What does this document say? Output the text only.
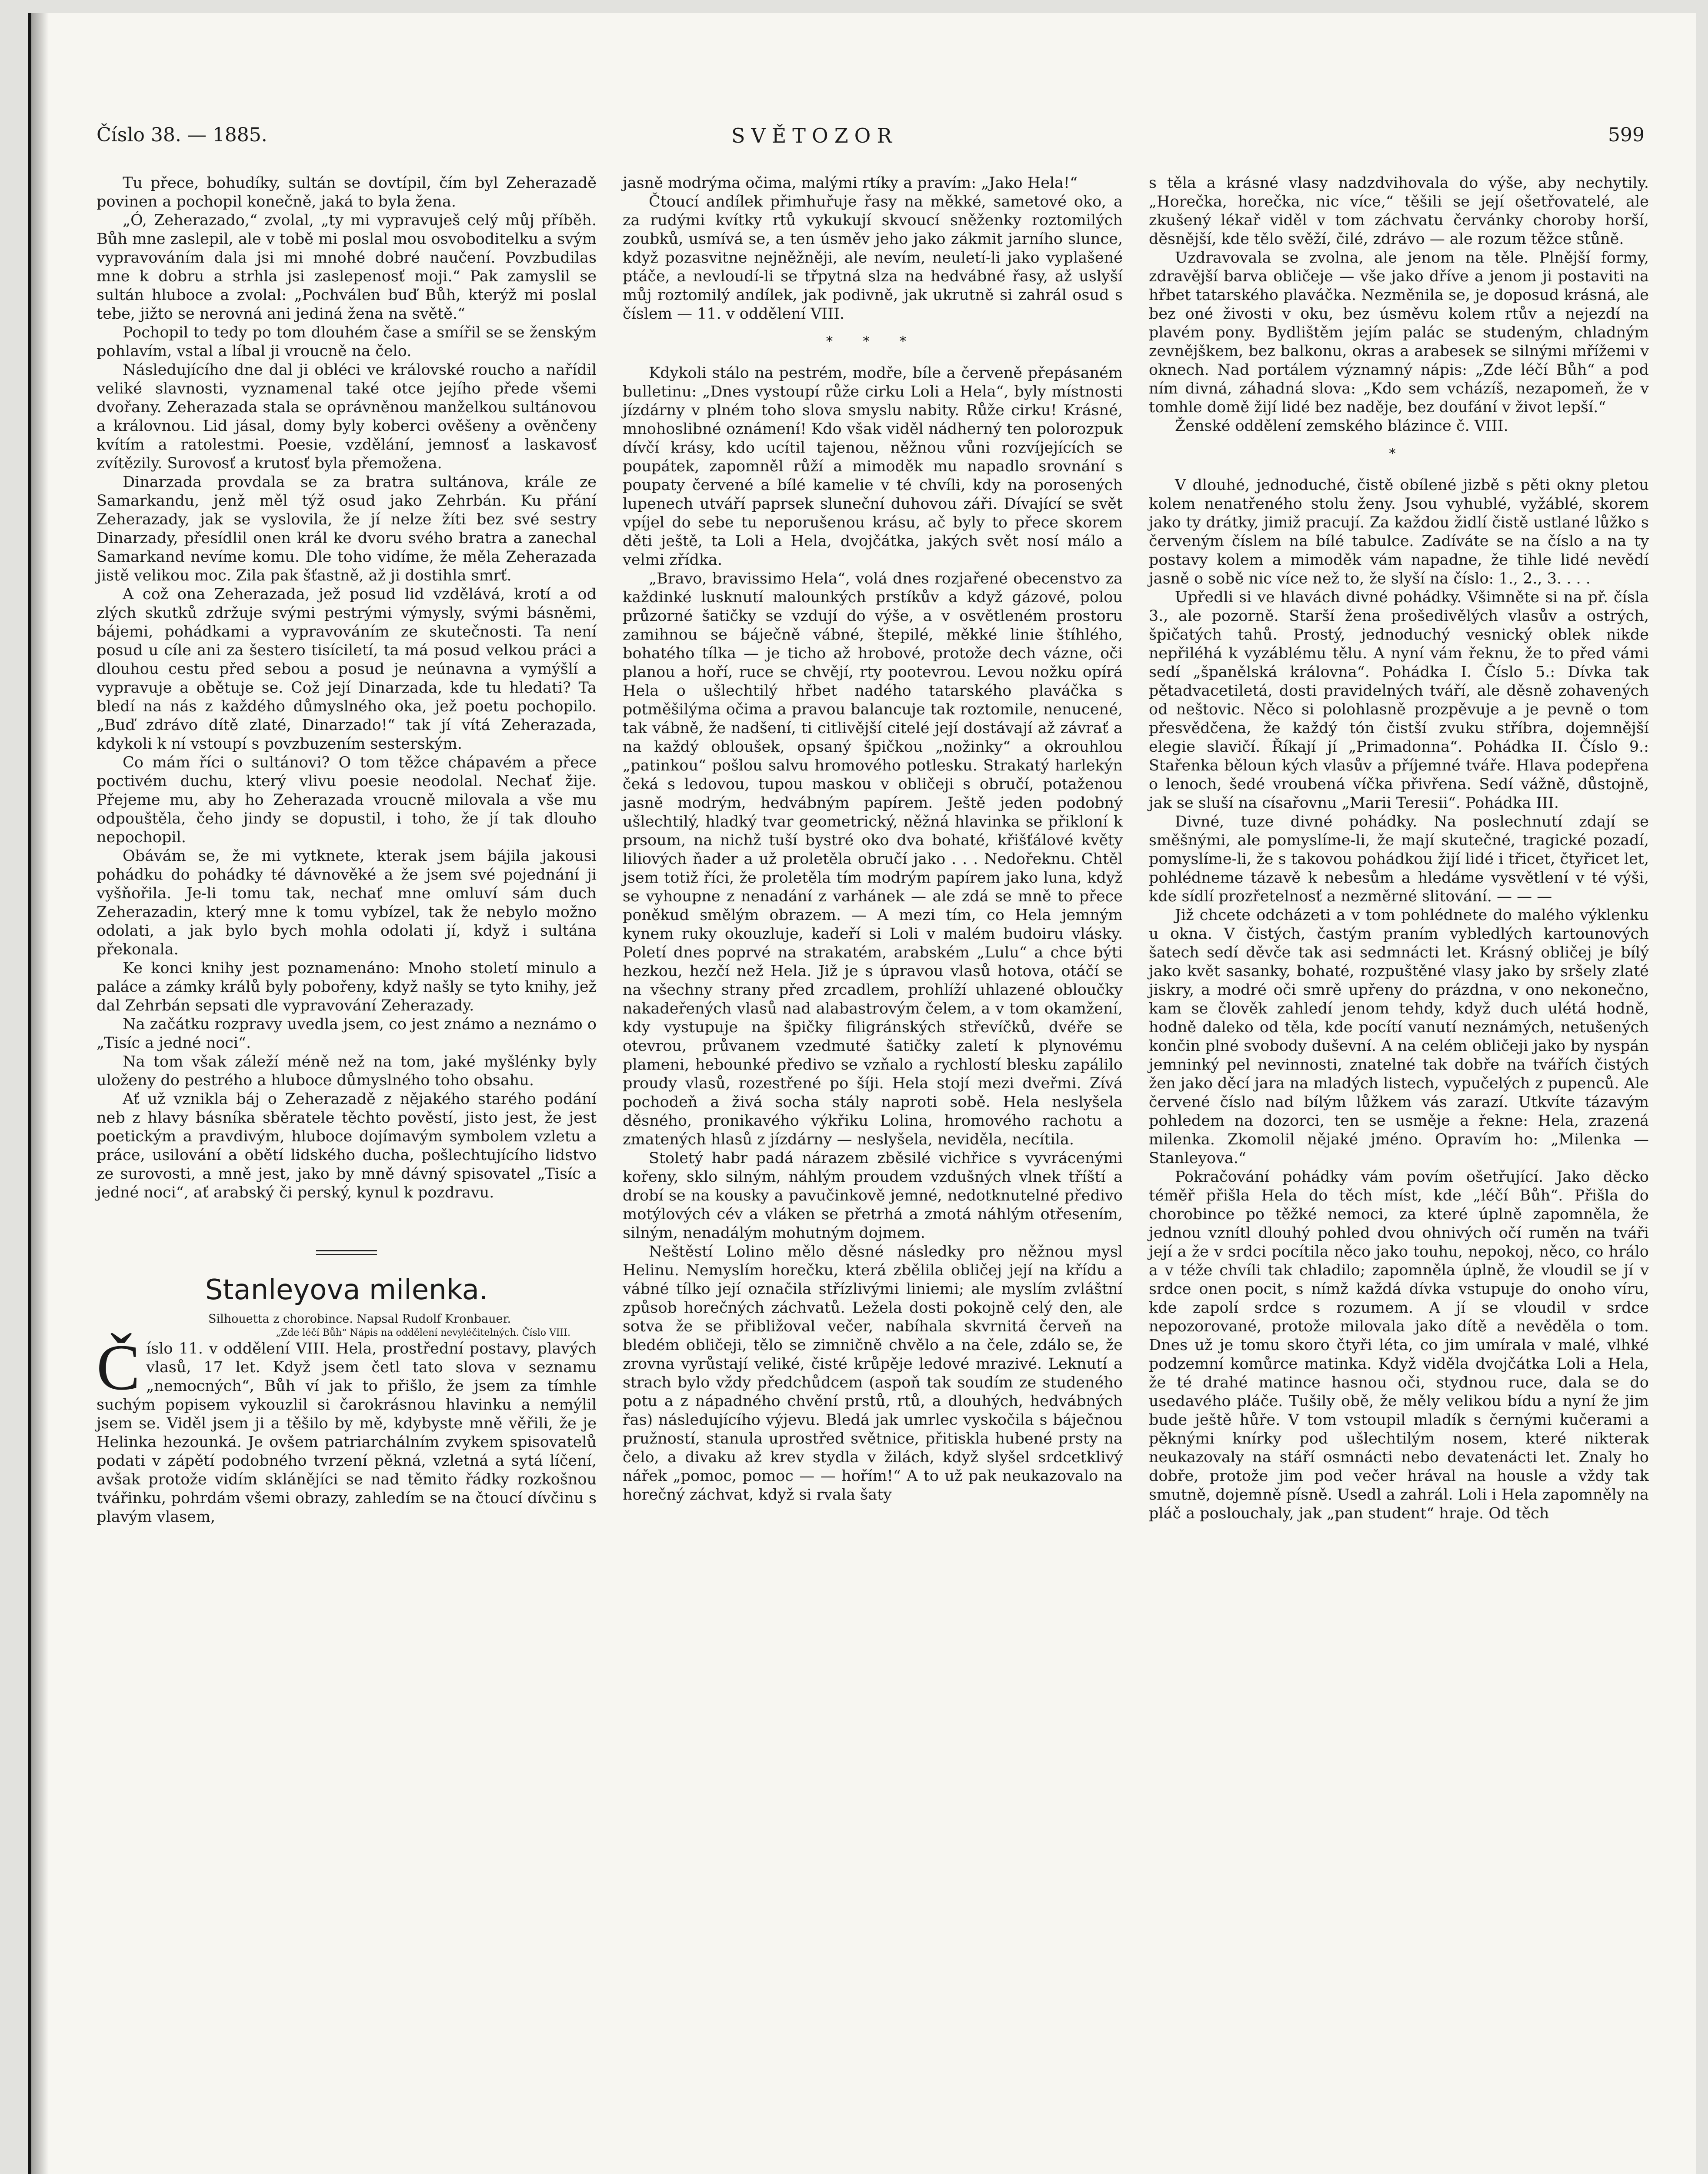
Číslo 38. — 1885.	SVĚTOZOR	599

Tu přece, bohudíky, sultán se dovtípil, čím byl Zeherazadě povinen a pochopil konečně, jaká to byla žena.

„Ó, Zeherazado,“ zvolal, „ty mi vypravuješ celý můj příběh. Bůh mne zaslepil, ale v tobě mi poslal mou osvoboditelku a svým vypravováním dala jsi mi mnohé dobré naučení. Povzbudilas mne k dobru a strhla jsi zaslepenosť moji.“ Pak zamyslil se sultán hluboce a zvolal: „Pochválen buď Bůh, kterýž mi poslal tebe, jižto se nerovná ani jediná žena na světě.“

Pochopil to tedy po tom dlouhém čase a smířil se se ženským pohlavím, vstal a líbal ji vroucně na čelo.

Následujícího dne dal ji obléci ve královské roucho a nařídil veliké slavnosti, vyznamenal také otce jejího přede všemi dvořany. Zeherazada stala se oprávněnou manželkou sultánovou a královnou. Lid jásal, domy byly koberci ověšeny a ověnčeny kvítím a ratolestmi. Poesie, vzdělání, jemnosť a laskavosť zvítězily. Surovosť a krutosť byla přemožena.

Dinarzada provdala se za bratra sultánova, krále ze Samarkandu, jenž měl týž osud jako Zehrbán. Ku přání Zeherazady, jak se vyslovila, že jí nelze žíti bez své sestry Dinarzady, přesídlil onen král ke dvoru svého bratra a zanechal Samarkand nevíme komu. Dle toho vidíme, že měla Zeherazada jistě velikou moc. Zila pak šťastně, až ji dostihla smrť.

A což ona Zeherazada, jež posud lid vzdělává, krotí a od zlých skutků zdržuje svými pestrými výmysly, svými básněmi, bájemi, pohádkami a vypravováním ze skutečnosti. Ta není posud u cíle ani za šestero tisíciletí, ta má posud velkou práci a dlouhou cestu před sebou a posud je neúnavna a vymýšlí a vypravuje a obětuje se. Což její Dinarzada, kde tu hledati? Ta bledí na nás z každého důmyslného oka, jež poetu pochopilo. „Buď zdrávo dítě zlaté, Dinarzado!“ tak jí vítá Zeherazada, kdykoli k ní vstoupí s povzbuzením sesterským.

Co mám říci o sultánovi? O tom těžce chápavém a přece poctivém duchu, který vlivu poesie neodolal. Nechať žije. Přejeme mu, aby ho Zeherazada vroucně milovala a vše mu odpouštěla, čeho jindy se dopustil, i toho, že jí tak dlouho nepochopil.

Obávám se, že mi vytknete, kterak jsem bájila jakousi pohádku do pohádky té dávnověké a že jsem své pojednání ji vyšňořila. Je-li tomu tak, nechať mne omluví sám duch Zeherazadin, který mne k tomu vybízel, tak že nebylo možno odolati, a jak bylo bych mohla odolati jí, když i sultána překonala.

Ke konci knihy jest poznamenáno: Mnoho století minulo a paláce a zámky králů byly pobořeny, když našly se tyto knihy, jež dal Zehrbán sepsati dle vypravování Zeherazady.

Na začátku rozpravy uvedla jsem, co jest známo a neznámo o „Tisíc a jedné noci“.

Na tom však záleží méně než na tom, jaké myšlénky byly uloženy do pestrého a hluboce důmyslného toho obsahu.

Ať už vznikla báj o Zeherazadě z nějakého starého podání neb z hlavy básníka sběratele těchto pověstí, jisto jest, že jest poetickým a pravdivým, hluboce dojímavým symbolem vzletu a práce, usilování a obětí lidského ducha, pošlechtujícího lidstvo ze surovosti, a mně jest, jako by mně dávný spisovatel „Tisíc a jedné noci“, ať arabský či perský, kynul k pozdravu.

Stanleyova milenka.

Silhouetta z chorobince. Napsal Rudolf Kronbauer.

„Zde léčí Bůh“ Nápis na oddělení nevyléčitelných. Číslo VIII.

Číslo 11. v oddělení VIII. Hela, prostřední postavy, plavých vlasů, 17 let. Když jsem četl tato slova v seznamu „nemocných“, Bůh ví jak to přišlo, že jsem za tímhle suchým popisem vykouzlil si čarokrásnou hlavinku a nemýlil jsem se. Viděl jsem ji a těšilo by mě, kdybyste mně věřili, že je Helinka hezounká. Je ovšem patriarchálním zvykem spisovatelů podati v zápětí podobného tvrzení pěkná, vzletná a sytá líčení, avšak protože vidím sklánějíci se nad těmito řádky rozkošnou tvářinku, pohrdám všemi obrazy, zahledím se na čtoucí dívčinu s plavým vlasem,

jasně modrýma očima, malými rtíky a pravím: „Jako Hela!“

Čtoucí andílek přimhuřuje řasy na měkké, sametové oko, a za rudými kvítky rtů vykukují skvoucí sněženky roztomilých zoubků, usmívá se, a ten úsměv jeho jako zákmit jarního slunce, když pozasvitne nejněžněji, ale nevím, neuletí-li jako vyplašené ptáče, a nevloudí-li se třpytná slza na hedvábné řasy, až uslyší můj roztomilý andílek, jak podivně, jak ukrutně si zahrál osud s číslem — 11. v oddělení VIII.

* * *

Kdykoli stálo na pestrém, modře, bíle a červeně přepásaném bulletinu: „Dnes vystoupí růže cirku Loli a Hela“, byly místnosti jízdárny v plném toho slova smyslu nabity. Růže cirku! Krásné, mnohoslibné oznámení! Kdo však viděl nádherný ten polorozpuk dívčí krásy, kdo ucítil tajenou, něžnou vůni rozvíjejících se poupátek, zapomněl růží a mimoděk mu napadlo srovnání s poupaty červené a bílé kamelie v té chvíli, kdy na porosených lupenech utváří paprsek sluneční duhovou záři. Dívající se svět vpíjel do sebe tu neporušenou krásu, ač byly to přece skorem děti ještě, ta Loli a Hela, dvojčátka, jakých svět nosí málo a velmi zřídka.

„Bravo, bravissimo Hela“, volá dnes rozjařené obecenstvo za každinké lusknutí malounkých prstíkův a když gázové, polou průzorné šatičky se vzdují do výše, a v osvětleném prostoru zamihnou se báječně vábné, štepilé, měkké linie štíhlého, bohatého tílka — je ticho až hrobové, protože dech vázne, oči planou a hoří, ruce se chvějí, rty pootevrou. Levou nožku opírá Hela o ušlechtilý hřbet nadého tatarského plaváčka s potměšilýma očima a pravou balancuje tak roztomile, nenucené, tak vábně, že nadšení, ti citlivější citelé její dostávají až závrať a na každý obloušek, opsaný špičkou „nožinky“ a okrouhlou „patinkou“ pošlou salvu hromového potlesku. Strakatý harlekýn čeká s ledovou, tupou maskou v obličeji s obručí, potaženou jasně modrým, hedvábným papírem. Ještě jeden podobný ušlechtilý, hladký tvar geometrický, něžná hlavinka se přikloní k prsoum, na nichž tuší bystré oko dva bohaté, křišťálové květy liliových ňader a už proletěla obručí jako . . . Nedořeknu. Chtěl jsem totiž říci, že proletěla tím modrým papírem jako luna, když se vyhoupne z nenadání z varhánek — ale zdá se mně to přece poněkud smělým obrazem. — A mezi tím, co Hela jemným kynem ruky okouzluje, kadeří si Loli v malém budoiru vlásky. Poletí dnes poprvé na strakatém, arabském „Lulu“ a chce býti hezkou, hezčí než Hela. Již je s úpravou vlasů hotova, otáčí se na všechny strany před zrcadlem, prohlíží uhlazené obloučky nakadeřených vlasů nad alabastrovým čelem, a v tom okamžení, kdy vystupuje na špičky filigránských střevíčků, dvéře se otevrou, průvanem vzedmuté šatičky zaletí k plynovému plameni, hebounké předivo se vzňalo a rychlostí blesku zapálilo proudy vlasů, rozestřené po šíji. Hela stojí mezi dveřmi. Zívá pochodeň a živá socha stály naproti sobě. Hela neslyšela děsného, pronikavého výkřiku Lolina, hromového rachotu a zmatených hlasů z jízdárny — neslyšela, neviděla, necítila.

Stoletý habr padá nárazem zběsilé vichřice s vyvrácenými kořeny, sklo silným, náhlým proudem vzdušných vlnek tříští a drobí se na kousky a pavučinkově jemné, nedotknutelné předivo motýlových cév a vláken se přetrhá a zmotá náhlým otřesením, silným, nenadálým mohutným dojmem.

Neštěstí Lolino mělo děsné následky pro něžnou mysl Helinu. Nemyslím horečku, která zbělila obličej její na křídu a vábné tílko její označila střízlivými liniemi; ale myslím zvláštní způsob horečných záchvatů. Ležela dosti pokojně celý den, ale sotva že se přibližoval večer, nabíhala skvrnitá červeň na bledém obličeji, tělo se zimničně chvělo a na čele, zdálo se, že zrovna vyrůstají veliké, čisté krůpěje ledové mrazivé. Leknutí a strach bylo vždy předchůdcem (aspoň tak soudím ze studeného potu a z nápadného chvění prstů, rtů, a dlouhých, hedvábných řas) následujícího výjevu. Bledá jak umrlec vyskočila s báječnou pružností, stanula uprostřed světnice, přitiskla hubené prsty na čelo, a divaku až krev stydla v žilách, když slyšel srdcetklivý nářek „pomoc, pomoc — — hořím!“ A to už pak neukazovalo na horečný záchvat, když si rvala šaty

s těla a krásné vlasy nadzdvihovala do výše, aby nechytily. „Horečka, horečka, nic více,“ těšili se její ošetřovatelé, ale zkušený lékař viděl v tom záchvatu červánky choroby horší, děsnější, kde tělo svěží, čilé, zdrávo — ale rozum těžce stůně.

Uzdravovala se zvolna, ale jenom na těle. Plnější formy, zdravější barva obličeje — vše jako dříve a jenom ji postaviti na hřbet tatarského plaváčka. Nezměnila se, je doposud krásná, ale bez oné živosti v oku, bez úsměvu kolem rtův a nejezdí na plavém pony. Bydlištěm jejím palác se studeným, chladným zevnějškem, bez balkonu, okras a arabesek se silnými mřížemi v oknech. Nad portálem významný nápis: „Zde léčí Bůh“ a pod ním divná, záhadná slova: „Kdo sem vcházíš, nezapomeň, že v tomhle domě žijí lidé bez naděje, bez doufání v život lepší.“

Ženské oddělení zemského blázince č. VIII.

*

V dlouhé, jednoduché, čistě obílené jizbě s pěti okny pletou kolem nenatřeného stolu ženy. Jsou vyhublé, vyžáblé, skorem jako ty drátky, jimiž pracují. Za každou židlí čistě ustlané lůžko s červeným číslem na bílé tabulce. Zadíváte se na číslo a na ty postavy kolem a mimoděk vám napadne, že tihle lidé nevědí jasně o sobě nic více než to, že slyší na číslo: 1., 2., 3. . . .

Upředli si ve hlavách divné pohádky. Všimněte si na př. čísla 3., ale pozorně. Starší žena prošedivělých vlasův a ostrých, špičatých tahů. Prostý, jednoduchý vesnický oblek nikde nepřiléhá k vyzáblému tělu. A nyní vám řeknu, že to před vámi sedí „španělská královna“. Pohádka I. Číslo 5.: Dívka tak pětadvacetiletá, dosti pravidelných tváří, ale děsně zohavených od neštovic. Něco si polohlasně prozpěvuje a je pevně o tom přesvědčena, že každý tón čistší zvuku stříbra, dojemnější elegie slavičí. Říkají jí „Primadonna“. Pohádka II. Číslo 9.: Stařenka běloun kých vlasův a příjemné tváře. Hlava podepřena o lenoch, šedé vroubená víčka přivřena. Sedí vážně, důstojně, jak se sluší na císařovnu „Marii Teresii“. Pohádka III.

Divné, tuze divné pohádky. Na poslechnutí zdají se směšnými, ale pomyslíme-li, že mají skutečné, tragické pozadí, pomyslíme-li, že s takovou pohádkou žijí lidé i třicet, čtyřicet let, pohlédneme tázavě k nebesům a hledáme vysvětlení v té výši, kde sídlí prozřetelnosť a nezměrné slitování. — — —

Již chcete odcházeti a v tom pohlédnete do malého výklenku u okna. V čistých, častým praním vybledlých kartounových šatech sedí děvče tak asi sedmnácti let. Krásný obličej je bílý jako květ sasanky, bohaté, rozpuštěné vlasy jako by sršely zlaté jiskry, a modré oči smrě upřeny do prázdna, v ono nekonečno, kam se člověk zahledí jenom tehdy, když duch ulétá hodně, hodně daleko od těla, kde pocítí vanutí neznámých, netušených končin plné svobody duševní. A na celém obličeji jako by nyspán jemninký pel nevinnosti, znatelné tak dobře na tvářích čistých žen jako děcí jara na mladých listech, vypučelých z pupenců. Ale červené číslo nad bílým lůžkem vás zarazí. Utkvíte tázavým pohledem na dozorci, ten se usměje a řekne: Hela, zrazená milenka. Zkomolil nějaké jméno. Opravím ho: „Milenka — Stanleyova.“

Pokračování pohádky vám povím ošetřující. Jako děcko téměř přišla Hela do těch míst, kde „léčí Bůh“. Přišla do chorobince po těžké nemoci, za které úplně zapomněla, že jednou vznítl dlouhý pohled dvou ohnivých očí ruměn na tváři její a že v srdci pocítila něco jako touhu, nepokoj, něco, co hrálo a v téže chvíli tak chladilo; zapomněla úplně, že vloudil se jí v srdce onen pocit, s nímž každá dívka vstupuje do onoho víru, kde zapolí srdce s rozumem. A jí se vloudil v srdce nepozorované, protože milovala jako dítě a nevěděla o tom. Dnes už je tomu skoro čtyři léta, co jim umírala v malé, vlhké podzemní komůrce matinka. Když viděla dvojčátka Loli a Hela, že té drahé matince hasnou oči, stydnou ruce, dala se do usedavého pláče. Tušily obě, že měly velikou bídu a nyní že jim bude ještě hůře. V tom vstoupil mladík s černými kučerami a pěknými knírky pod ušlechtilým nosem, které nikterak neukazovaly na stáří osmnácti nebo devatenácti let. Znaly ho dobře, protože jim pod večer hrával na housle a vždy tak smutně, dojemně písně. Usedl a zahrál. Loli i Hela zapomněly na pláč a poslouchaly, jak „pan student“ hraje. Od těch
